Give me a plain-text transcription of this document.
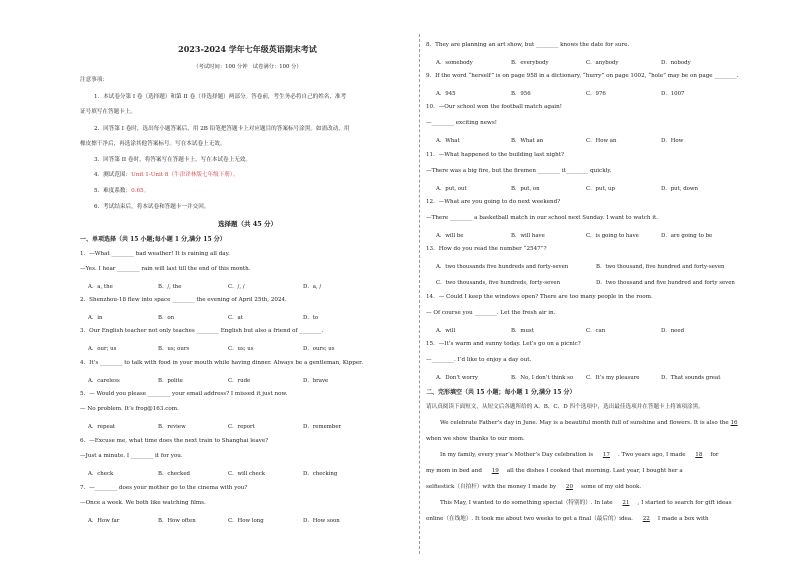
2023-2024 学年七年级英语期末考试
（考试时间：100 分钟　试卷满分：100 分）
注意事项：
1．本试卷分第 I 卷（选择题）和第 II 卷（非选择题）两部分。答卷前，考生务必将自己的姓名、准考
证号填写在答题卡上。
2．回答第 I 卷时，选出每小题答案后，用 2B 铅笔把答题卡上对应题目的答案标号涂黑。如需改动，用
橡皮擦干净后，再选涂其他答案标号。写在本试卷上无效。
3．回答第 II 卷时，将答案写在答题卡上。写在本试卷上无效。
4．测试范围：Unit 1-Unit 8（牛津译林版七年级下册）。
5．难度系数：0.65。
6．考试结束后，将本试卷和答题卡一并交回。
选择题（共 45 分）
一、单项选择（共 15 小题;每小题 1 分,满分 15 分）
1．—What ________ bad weather! It is raining all day.
—Yes. I hear ________ rain will last till the end of this month.
A．a, the	B．/, the	C．/, /	D．a, /
2．Shenzhou-18 flew into space ________ the evening of April 25th, 2024.
A．in	B．on	C．at	D．to
3．Our English teacher not only teaches ________ English but also a friend of ________.
A．our; us	B．us; ours	C．us; us	D．ours; us
4．It’s ________ to talk with food in your mouth while having dinner. Always be a gentleman, Kipper.
A．careless	B．polite	C．rude	D．brave
5．— Would you please ________ your email address? I missed it just now.
— No problem. It’s frog@163.com.
A．repeat	B．review	C．report	D．remember
6．—Excuse me, what time does the next train to Shanghai leave?
—Just a minute. I ________ it for you.
A．check	B．checked	C．will check	D．checking
7．—________ does your mother go to the cinema with you?
—Once a week. We both like watching films.
A．How far	B．How often	C．How long	D．How soon
8．They are planning an art show, but ________ knows the date for sure.
A．somebody	B．everybody	C．anybody	D．nobody
9．If the word “herself” is on page 958 in a dictionary, “hurry” on page 1002, “hole” may be on page ________.
A．945	B．956	C．976	D．1007
10．—Our school won the football match again!
—________ exciting news!
A．What	B．What an	C．How an	D．How
11．—What happened to the building last night?
—There was a big fire, but the firemen ________ it________ quickly.
A．put, out	B．put, on	C．put, up	D．put, down
12．—What are you going to do next weekend?
—There ________ a basketball match in our school next Sunday. I want to watch it.
A．will be	B．will have	C．is going to have	D．are going to be
13．How do you read the number “2547”?
A．two thousands five hundreds and forty-seven	B．two thousand, five hundred and forty-seven
C．two thousands, five hundreds, forty-seven	D．two thousand and five hundred and forty seven
14．— Could I keep the windows open? There are too many people in the room.
— Of course you ________. Let the fresh air in.
A．will	B．must	C．can	D．need
15．—It’s warm and sunny today. Let’s go on a picnic?
—________. I’d like to enjoy a day out.
A．Don’t worry	B．No, I don’t think so C．It’s my pleasure	D．That sounds great
二、完形填空（共 15 小题；每小题 1 分,满分 15 分）
请认真阅读下面短文，从短文后各题所给的 A、B、C、D 四个选项中，选出最佳选项并在答题卡上将该项涂黑。
We celebrate Father’s day in June. May is a beautiful month full of sunshine and flowers. It is also the 16
when we show thanks to our mom.
In my family, every year’s Mother’s Day celebration is 17 . Two years ago, I made 18 for
my mom in bed and 19 all the dishes I cooked that morning. Last year, I bought her a
selfiestick（自拍杆）with the money I made by 20 some of my old book.
This May, I wanted to do something special（特别的）. In late 21 , I started to search for gift ideas
online（在线地）. It took me about two weeks to get a final（最后的）idea. 22 I made a box with
